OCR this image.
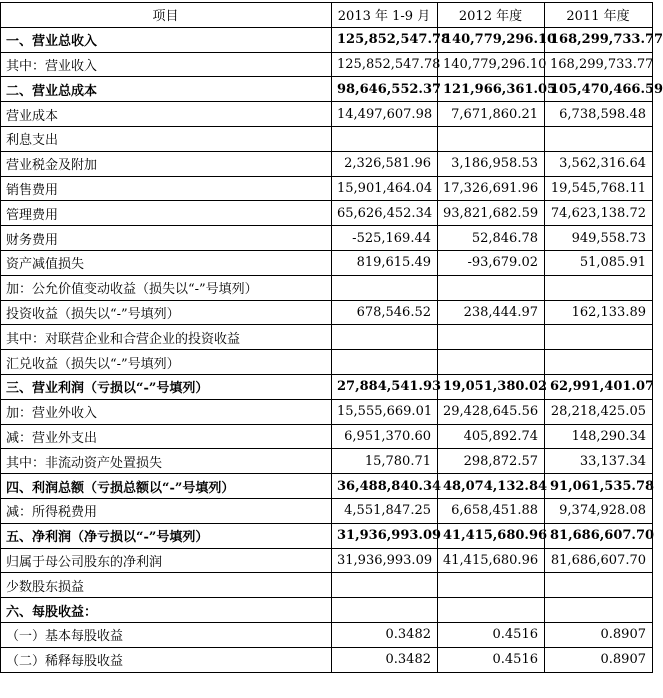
项目	2013 年 1-9 月	2012 年度	2011 年度
一、营业总收入	125,852,547.78	140,779,296.10	168,299,733.77
其中：营业收入	125,852,547.78	140,779,296.10	168,299,733.77
二、营业总成本	98,646,552.37	121,966,361.05	105,470,466.59
营业成本	14,497,607.98	7,671,860.21	6,738,598.48
利息支出			
营业税金及附加	2,326,581.96	3,186,958.53	3,562,316.64
销售费用	15,901,464.04	17,326,691.96	19,545,768.11
管理费用	65,626,452.34	93,821,682.59	74,623,138.72
财务费用	-525,169.44	52,846.78	949,558.73
资产减值损失	819,615.49	-93,679.02	51,085.91
加：公允价值变动收益（损失以“-”号填列）			
投资收益（损失以“-”号填列）	678,546.52	238,444.97	162,133.89
其中：对联营企业和合营企业的投资收益			
汇兑收益（损失以“-”号填列）			
三、营业利润（亏损以“-”号填列）	27,884,541.93	19,051,380.02	62,991,401.07
加：营业外收入	15,555,669.01	29,428,645.56	28,218,425.05
减：营业外支出	6,951,370.60	405,892.74	148,290.34
其中：非流动资产处置损失	15,780.71	298,872.57	33,137.34
四、利润总额（亏损总额以“-”号填列）	36,488,840.34	48,074,132.84	91,061,535.78
减：所得税费用	4,551,847.25	6,658,451.88	9,374,928.08
五、净利润（净亏损以“-”号填列）	31,936,993.09	41,415,680.96	81,686,607.70
归属于母公司股东的净利润	31,936,993.09	41,415,680.96	81,686,607.70
少数股东损益			
六、每股收益：			
（一）基本每股收益	0.3482	0.4516	0.8907
（二）稀释每股收益	0.3482	0.4516	0.8907
